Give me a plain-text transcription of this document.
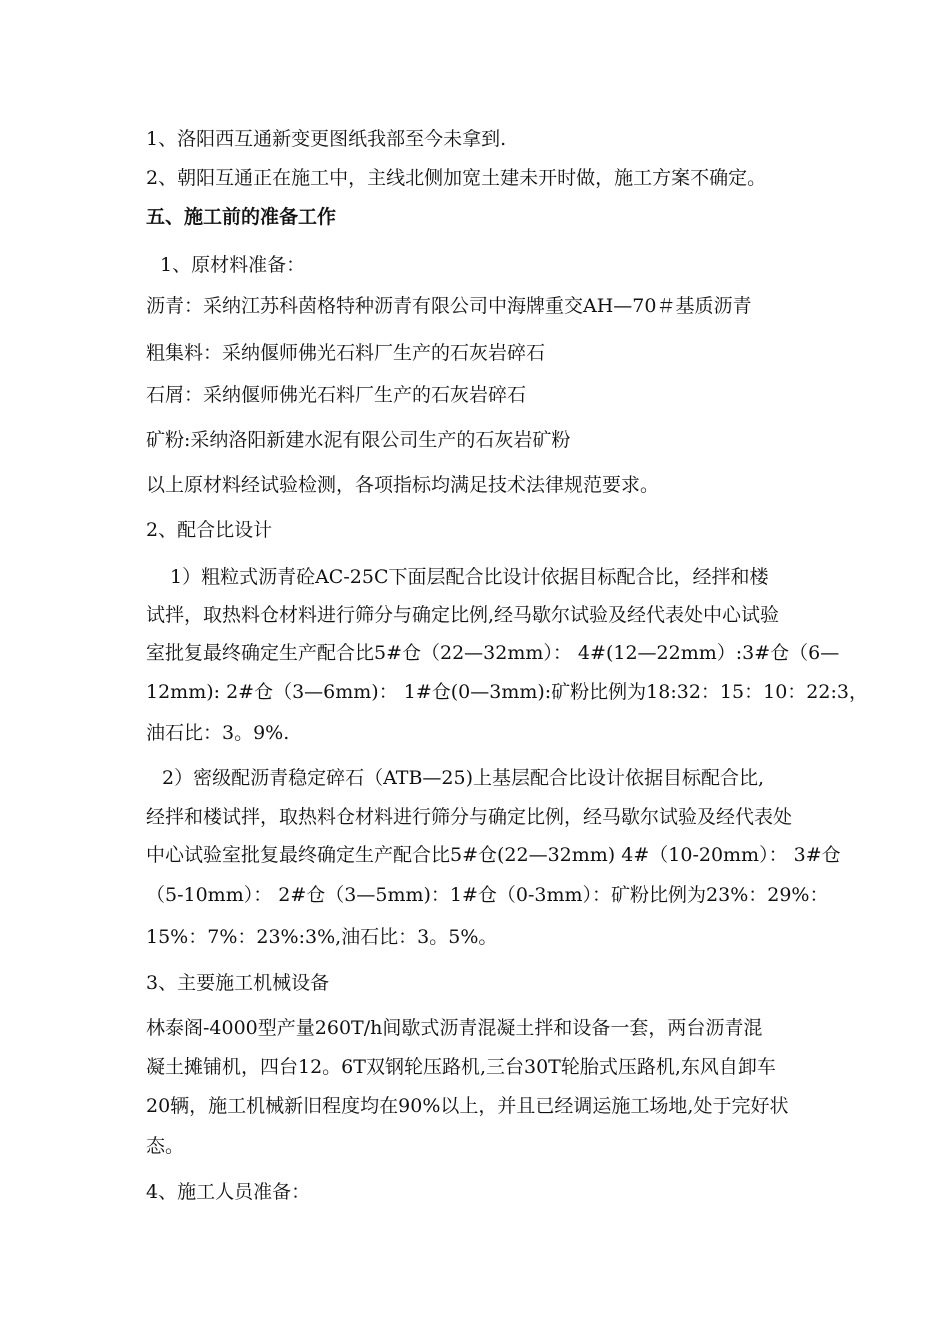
1、洛阳西互通新变更图纸我部至今未拿到.
2、朝阳互通正在施工中，主线北侧加宽土建未开时做，施工方案不确定。
五、施工前的准备工作
1、原材料准备：
沥青：采纳江苏科茵格特种沥青有限公司中海牌重交AH—70＃基质沥青
粗集料：采纳偃师佛光石料厂生产的石灰岩碎石
石屑：采纳偃师佛光石料厂生产的石灰岩碎石
矿粉:采纳洛阳新建水泥有限公司生产的石灰岩矿粉
以上原材料经试验检测，各项指标均满足技术法律规范要求。
2、配合比设计
1）粗粒式沥青砼AC-25C下面层配合比设计依据目标配合比，经拌和楼
试拌，取热料仓材料进行筛分与确定比例,经马歇尔试验及经代表处中心试验
室批复最终确定生产配合比5#仓（22—32mm）： 4#(12—22mm）:3#仓（6—
12mm): 2#仓（3—6mm)： 1#仓(0—3mm):矿粉比例为18:32：15：10：22:3，
油石比：3。9%.
2）密级配沥青稳定碎石（ATB—25)上基层配合比设计依据目标配合比,
经拌和楼试拌，取热料仓材料进行筛分与确定比例，经马歇尔试验及经代表处
中心试验室批复最终确定生产配合比5#仓(22—32mm) 4#（10-20mm）： 3#仓
（5-10mm）： 2#仓（3—5mm)：1#仓（0-3mm）：矿粉比例为23%：29%：
15%：7%：23%:3%,油石比：3。5%。
3、主要施工机械设备
林泰阁-4000型产量260T/h间歇式沥青混凝土拌和设备一套，两台沥青混
凝土摊铺机，四台12。6T双钢轮压路机,三台30T轮胎式压路机,东风自卸车
20辆，施工机械新旧程度均在90%以上，并且已经调运施工场地,处于完好状
态。
4、施工人员准备：
